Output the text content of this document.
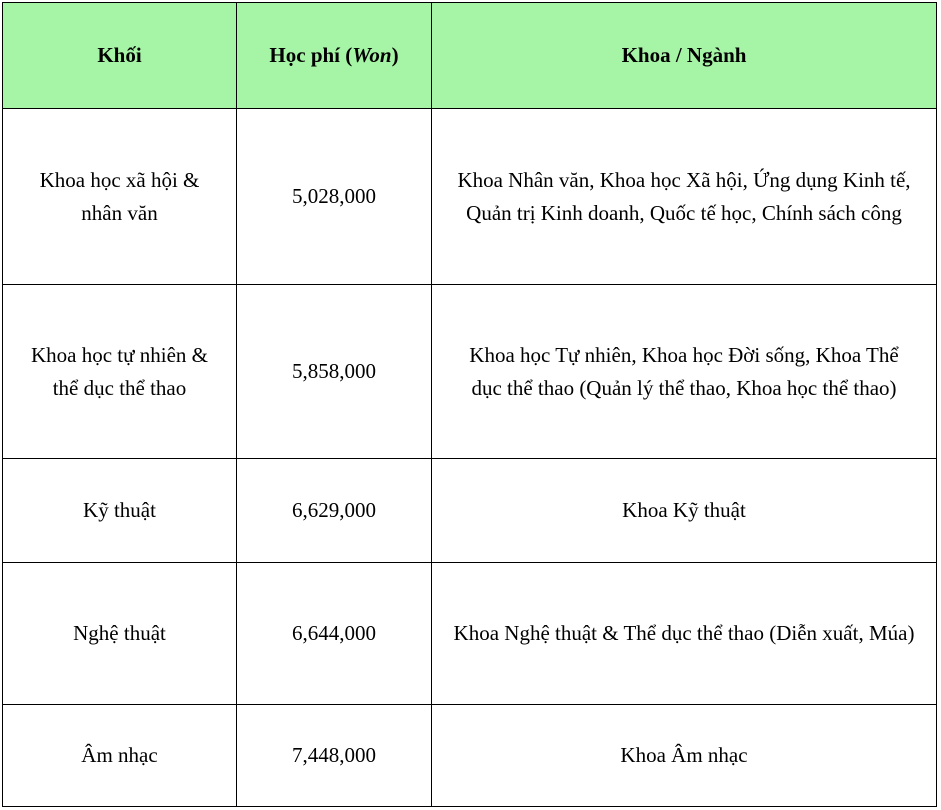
Khối	Học phí (Won)	Khoa / Ngành
Khoa học xã hội & nhân văn	5,028,000	Khoa Nhân văn, Khoa học Xã hội, Ứng dụng Kinh tế, Quản trị Kinh doanh, Quốc tế học, Chính sách công
Khoa học tự nhiên & thể dục thể thao	5,858,000	Khoa học Tự nhiên, Khoa học Đời sống, Khoa Thể dục thể thao (Quản lý thể thao, Khoa học thể thao)
Kỹ thuật	6,629,000	Khoa Kỹ thuật
Nghệ thuật	6,644,000	Khoa Nghệ thuật & Thể dục thể thao (Diễn xuất, Múa)
Âm nhạc	7,448,000	Khoa Âm nhạc
